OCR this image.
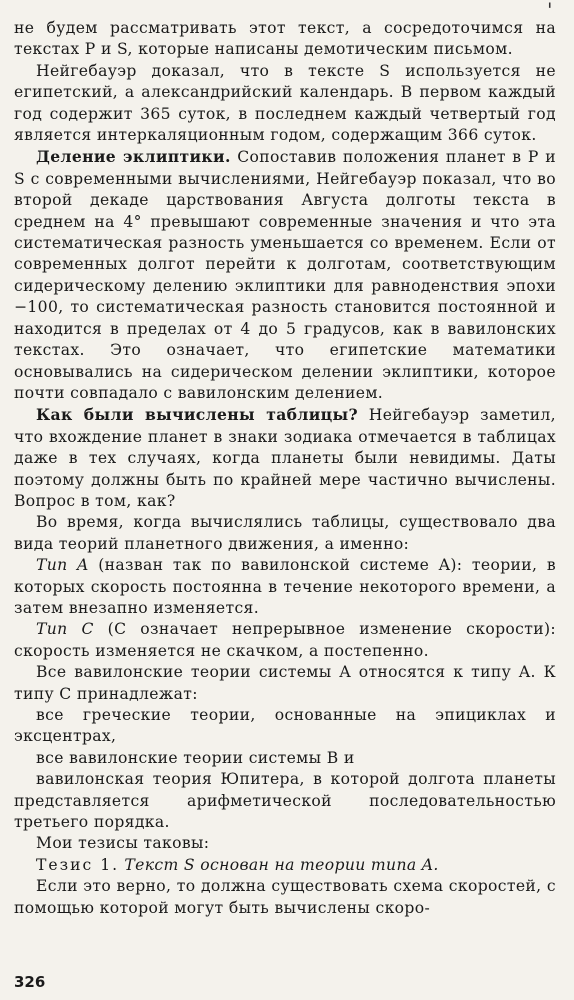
'

не будем рассматривать этот текст, а сосредоточимся на текстах P и S, которые написаны демотическим письмом.

Нейгебауэр доказал, что в тексте S используется не египетский, а александрийский календарь. В первом каждый год содержит 365 суток, в последнем каждый четвертый год является интеркаляционным годом, содержащим 366 суток.

Деление эклиптики. Сопоставив положения планет в P и S с современными вычислениями, Нейгебауэр показал, что во второй декаде царствования Августа долготы текста в среднем на 4° превышают современные значения и что эта систематическая разность уменьшается со временем. Если от современных долгот перейти к долготам, соответствующим сидерическому делению эклиптики для равноденствия эпохи −100, то систематическая разность становится постоянной и находится в пределах от 4 до 5 градусов, как в вавилонских текстах. Это означает, что египетские математики основывались на сидерическом делении эклиптики, которое почти совпадало с вавилонским делением.

Как были вычислены таблицы? Нейгебауэр заметил, что вхождение планет в знаки зодиака отмечается в таблицах даже в тех случаях, когда планеты были невидимы. Даты поэтому должны быть по крайней мере частично вычислены. Вопрос в том, как?

Во время, когда вычислялись таблицы, существовало два вида теорий планетного движения, а именно:

Тип A (назван так по вавилонской системе A): теории, в которых скорость постоянна в течение некоторого времени, а затем внезапно изменяется.

Тип C (C означает непрерывное изменение скорости): скорость изменяется не скачком, а постепенно.

Все вавилонские теории системы A относятся к типу A. К типу C принадлежат:

все греческие теории, основанные на эпициклах и эксцентрах,

все вавилонские теории системы B и

вавилонская теория Юпитера, в которой долгота планеты представляется арифметической последовательностью третьего порядка.

Мои тезисы таковы:

Тезис 1. Текст S основан на теории типа A.

Если это верно, то должна существовать схема скоростей, с помощью которой могут быть вычислены скоро-

326
